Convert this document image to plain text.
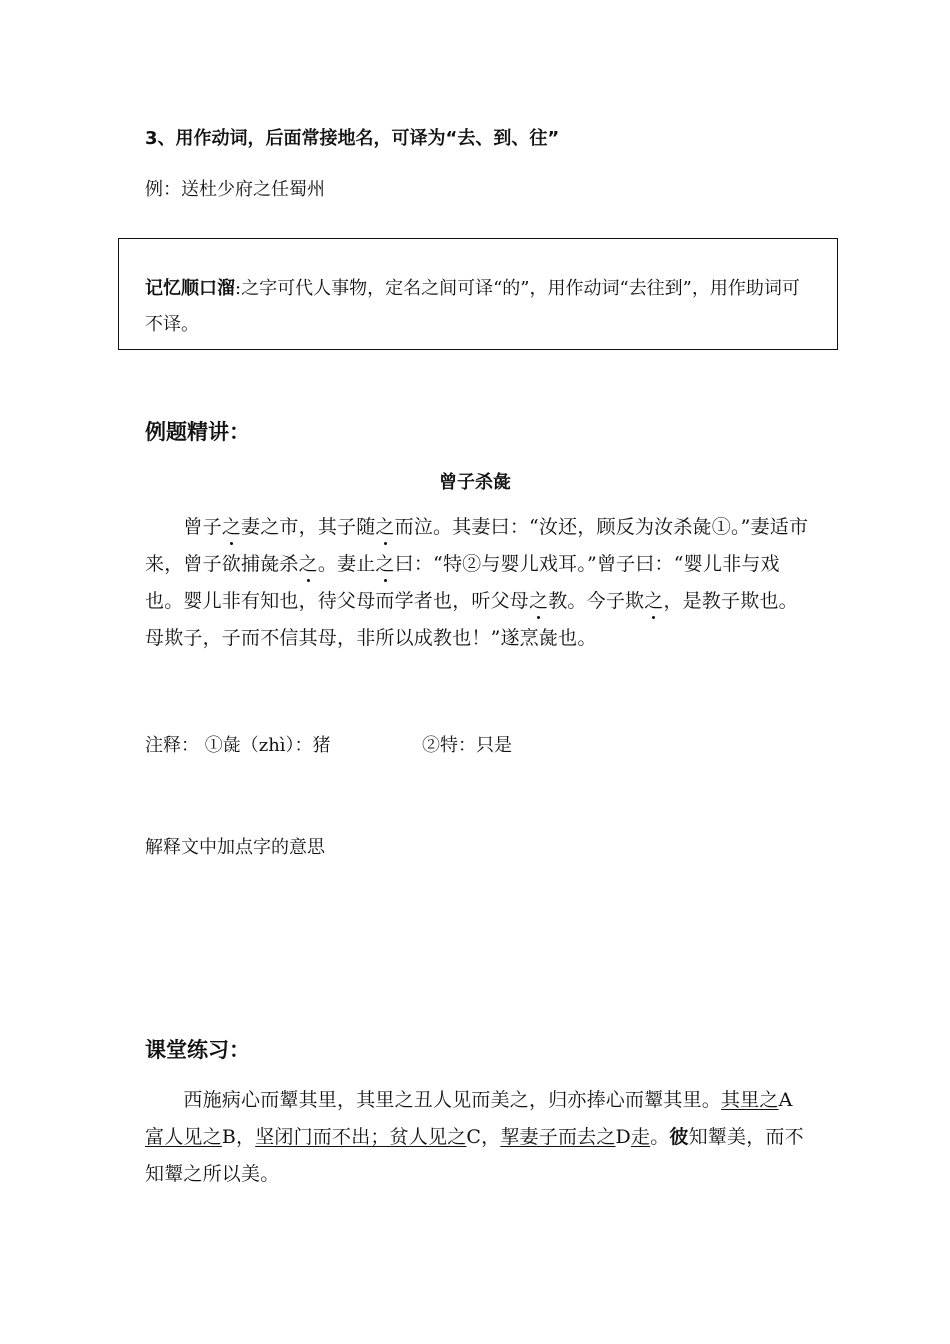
3、用作动词，后面常接地名，可译为“去、到、往”
例：送杜少府之任蜀州
记忆顺口溜:之字可代人事物，定名之间可译“的”，用作动词“去往到”，用作助词可不译。
例题精讲：
曾子杀彘
　　曾子之妻之市，其子随之而泣。其妻曰：“汝还，顾反为汝杀彘①。”妻适市来，曾子欲捕彘杀之。妻止之曰：“特②与婴儿戏耳。”曾子曰：“婴儿非与戏也。婴儿非有知也，待父母而学者也，听父母之教。今子欺之，是教子欺也。母欺子，子而不信其母，非所以成教也！”遂烹彘也。
注释： ①彘（zhì）：猪	②特：只是
解释文中加点字的意思
课堂练习：
　　西施病心而颦其里，其里之丑人见而美之，归亦捧心而颦其里。其里之A富人见之B，坚闭门而不出；贫人见之C，挈妻子而去之D走。彼知颦美，而不知颦之所以美。
